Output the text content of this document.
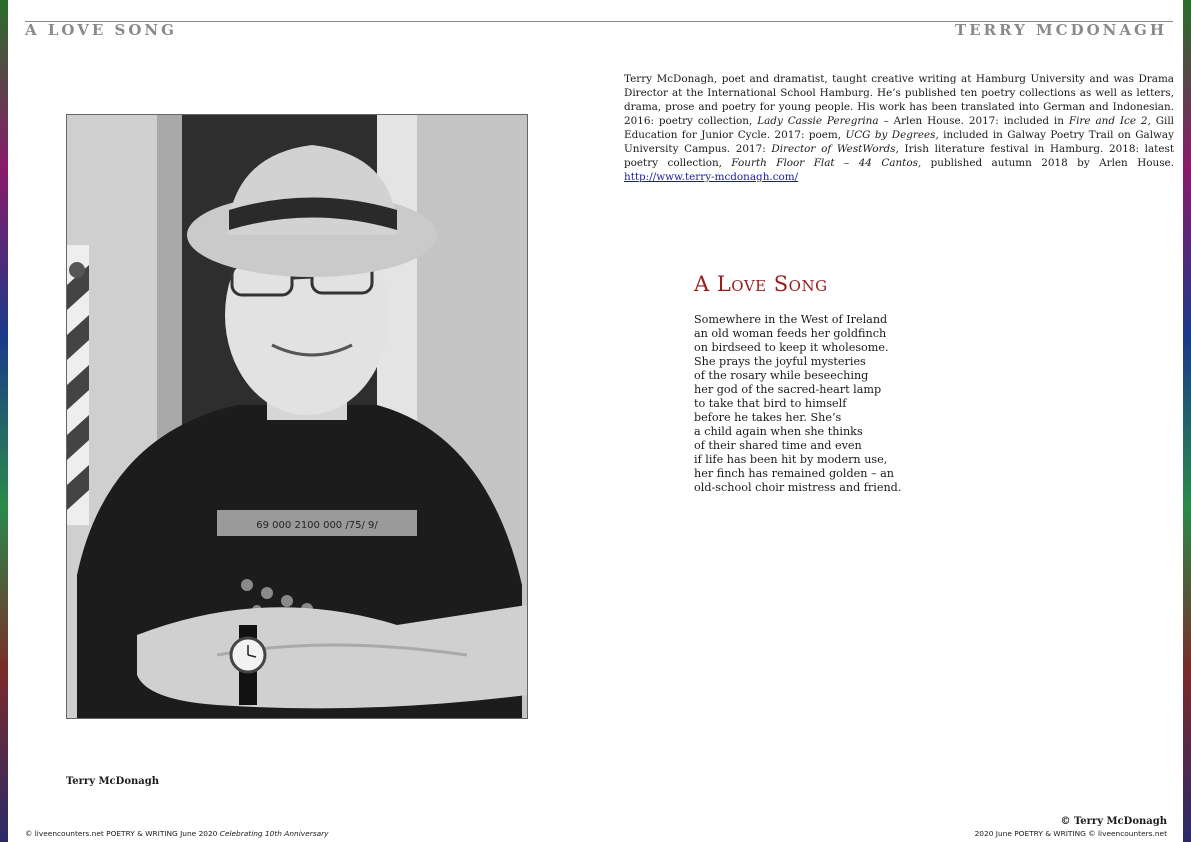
A LOVE SONG	TERRY MCDONAGH
Terry McDonagh, poet and dramatist, taught creative writing at Hamburg University and was Drama Director at the International School Hamburg. He’s published ten poetry collections as well as letters, drama, prose and poetry for young people. His work has been translated into German and Indonesian. 2016: poetry collection, Lady Cassie Peregrina – Arlen House. 2017: included in Fire and Ice 2, Gill Education for Junior Cycle. 2017: poem, UCG by Degrees, included in Galway Poetry Trail on Galway University Campus. 2017: Director of WestWords, Irish literature festival in Hamburg. 2018: latest poetry collection, Fourth Floor Flat – 44 Cantos, published autumn 2018 by Arlen House. http://www.terry-mcdonagh.com/
69 000 2100 000 /75/ 9/
Terry McDonagh
A Love Song
Somewhere in the West of Ireland
an old woman feeds her goldfinch
on birdseed to keep it wholesome.
She prays the joyful mysteries
of the rosary while beseeching
her god of the sacred-heart lamp
to take that bird to himself
before he takes her. She’s
a child again when she thinks
of their shared time and even
if life has been hit by modern use,
her finch has remained golden – an
old-school choir mistress and friend.
© Terry McDonagh
© liveencounters.net POETRY & WRITING June 2020 Celebrating 10th Anniversary	2020 June POETRY & WRITING © liveencounters.net
